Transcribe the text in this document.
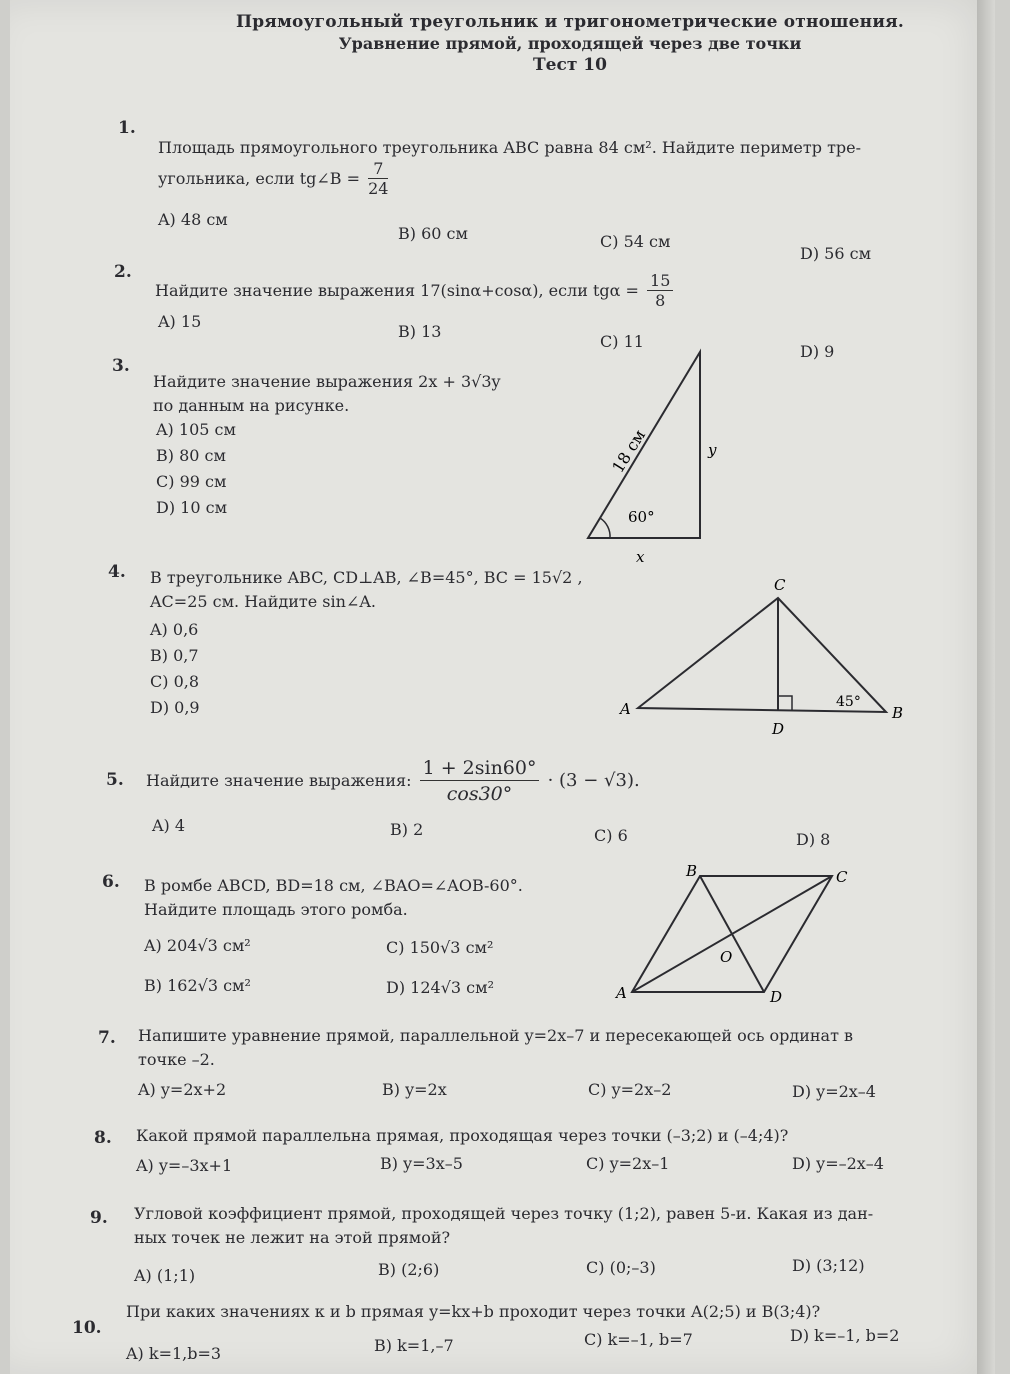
Прямоугольный треугольник и тригонометрические отношения.
Уравнение прямой, проходящей через две точки
Тест 10
1.
Площадь прямоугольного треугольника ABC равна 84 см². Найдите периметр тре-
угольника, если tg∠B = $\frac{7}{24}$
A) 48 см
B) 60 см	C) 54 см
D) 56 см
2.
Найдите значение выражения 17(sinα+cosα), если $tg\alpha = \frac{15}{8}$
A) 15
B) 13
C) 11
D) 9
3.
Найдите значение выражения 2x + 3√3y
по данным на рисунке.
A) 105 см
B) 80 см
C) 99 см
D) 10 см
18 см
60°
y
x
4. В треугольнике ABC, CD⊥AB, ∠B=45°, BC = 15√2 ,
AC=25 см. Найдите sin∠A.
A) 0,6
B) 0,7
C) 0,8
D) 0,9	A	B
C
D
45°
5. Найдите значение выражения: $\frac{1 + 2\sin 60^\circ}{\cos 30^\circ} \cdot (3 - √3)$.
A) 4	B) 2	C) 6	D) 8
6. В ромбе ABCD, BD=18 см, ∠BAO=∠AOB-60°.
Найдите площадь этого ромба.
A) 204√3 см²	C) 150√3 см²
B) 162√3 см²	D) 124√3 см²	A
B	C
D
O
7. Напишите уравнение прямой, параллельной y=2x–7 и пересекающей ось ординат в
точке –2.
A) y=2x+2	B) y=2x	C) y=2x–2	D) y=2x–4
8. Какой прямой параллельна прямая, проходящая через точки (–3;2) и (–4;4)?
A) y=–3x+1	B) y=3x–5	C) y=2x–1	D) y=–2x–4
9. Угловой коэффициент прямой, проходящей через точку (1;2), равен 5-и. Какая из дан-
ных точек не лежит на этой прямой?
A) (1;1)	B) (2;6)	C) (0;–3)	D) (3;12)
10.
При каких значениях к и b прямая y=kx+b проходит через точки A(2;5) и B(3;4)?
A) k=1,b=3	B) k=1,–7	C) k=–1, b=7	D) k=–1, b=2
